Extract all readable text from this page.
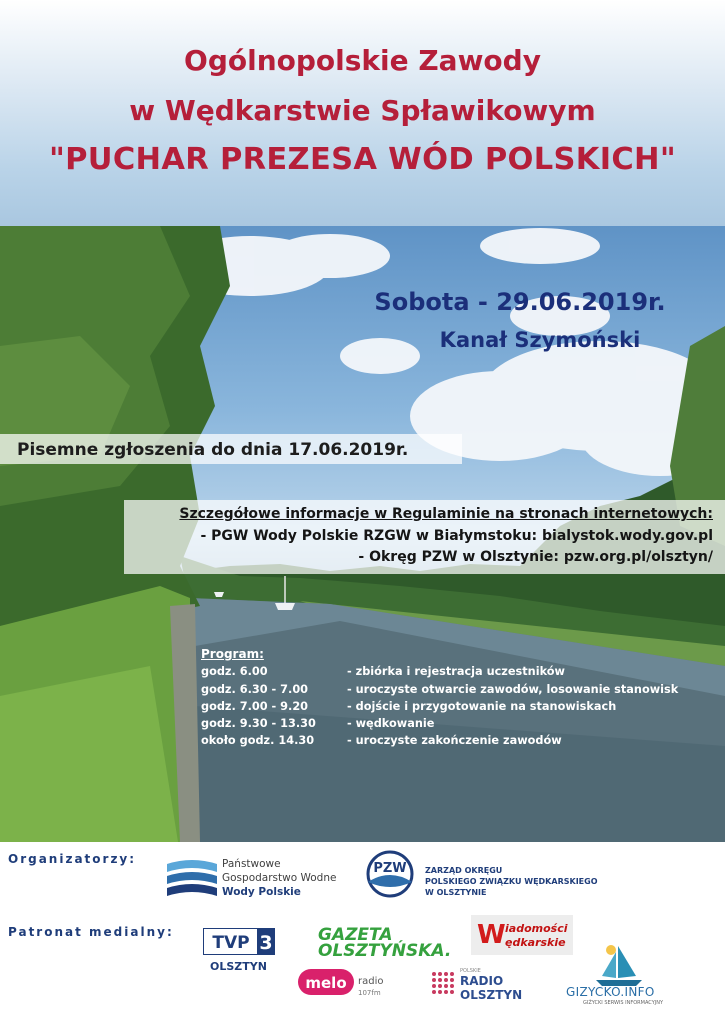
Ogólnopolskie Zawody
w Wędkarstwie Spławikowym
"PUCHAR PREZESA WÓD POLSKICH"
Sobota - 29.06.2019r.
Kanał Szymoński
Pisemne zgłoszenia do dnia 17.06.2019r.
Szczegółowe informacje w Regulaminie na stronach internetowych:
- PGW Wody Polskie RZGW w Białymstoku: bialystok.wody.gov.pl
- Okręg PZW w Olsztynie: pzw.org.pl/olsztyn/
Program:
godz. 6.00	- zbiórka i rejestracja uczestników
godz. 6.30 - 7.00	- uroczyste otwarcie zawodów, losowanie stanowisk
godz. 7.00 - 9.20	- dojście i przygotowanie na stanowiskach
godz. 9.30 - 13.30	- wędkowanie
około godz. 14.30	- uroczyste zakończenie zawodów
Organizatorzy:	Państwowe
Gospodarstwo Wodne
Wody Polskie
PZW ZARZĄD OKRĘGU
POLSKIEGO ZWIĄZKU WĘDKARSKIEGO
W OLSZTYNIE
Patronat medialny:
TVP 3
OLSZTYN
GAZETA
OLSZTYŃSKA.
W iadomości
ędkarskie
melo radio
107fm
POLSKIE
RADIO
OLSZTYN
GIŻYCKI SERWIS INFORMACYJNY
GIZYCKO.INFO
